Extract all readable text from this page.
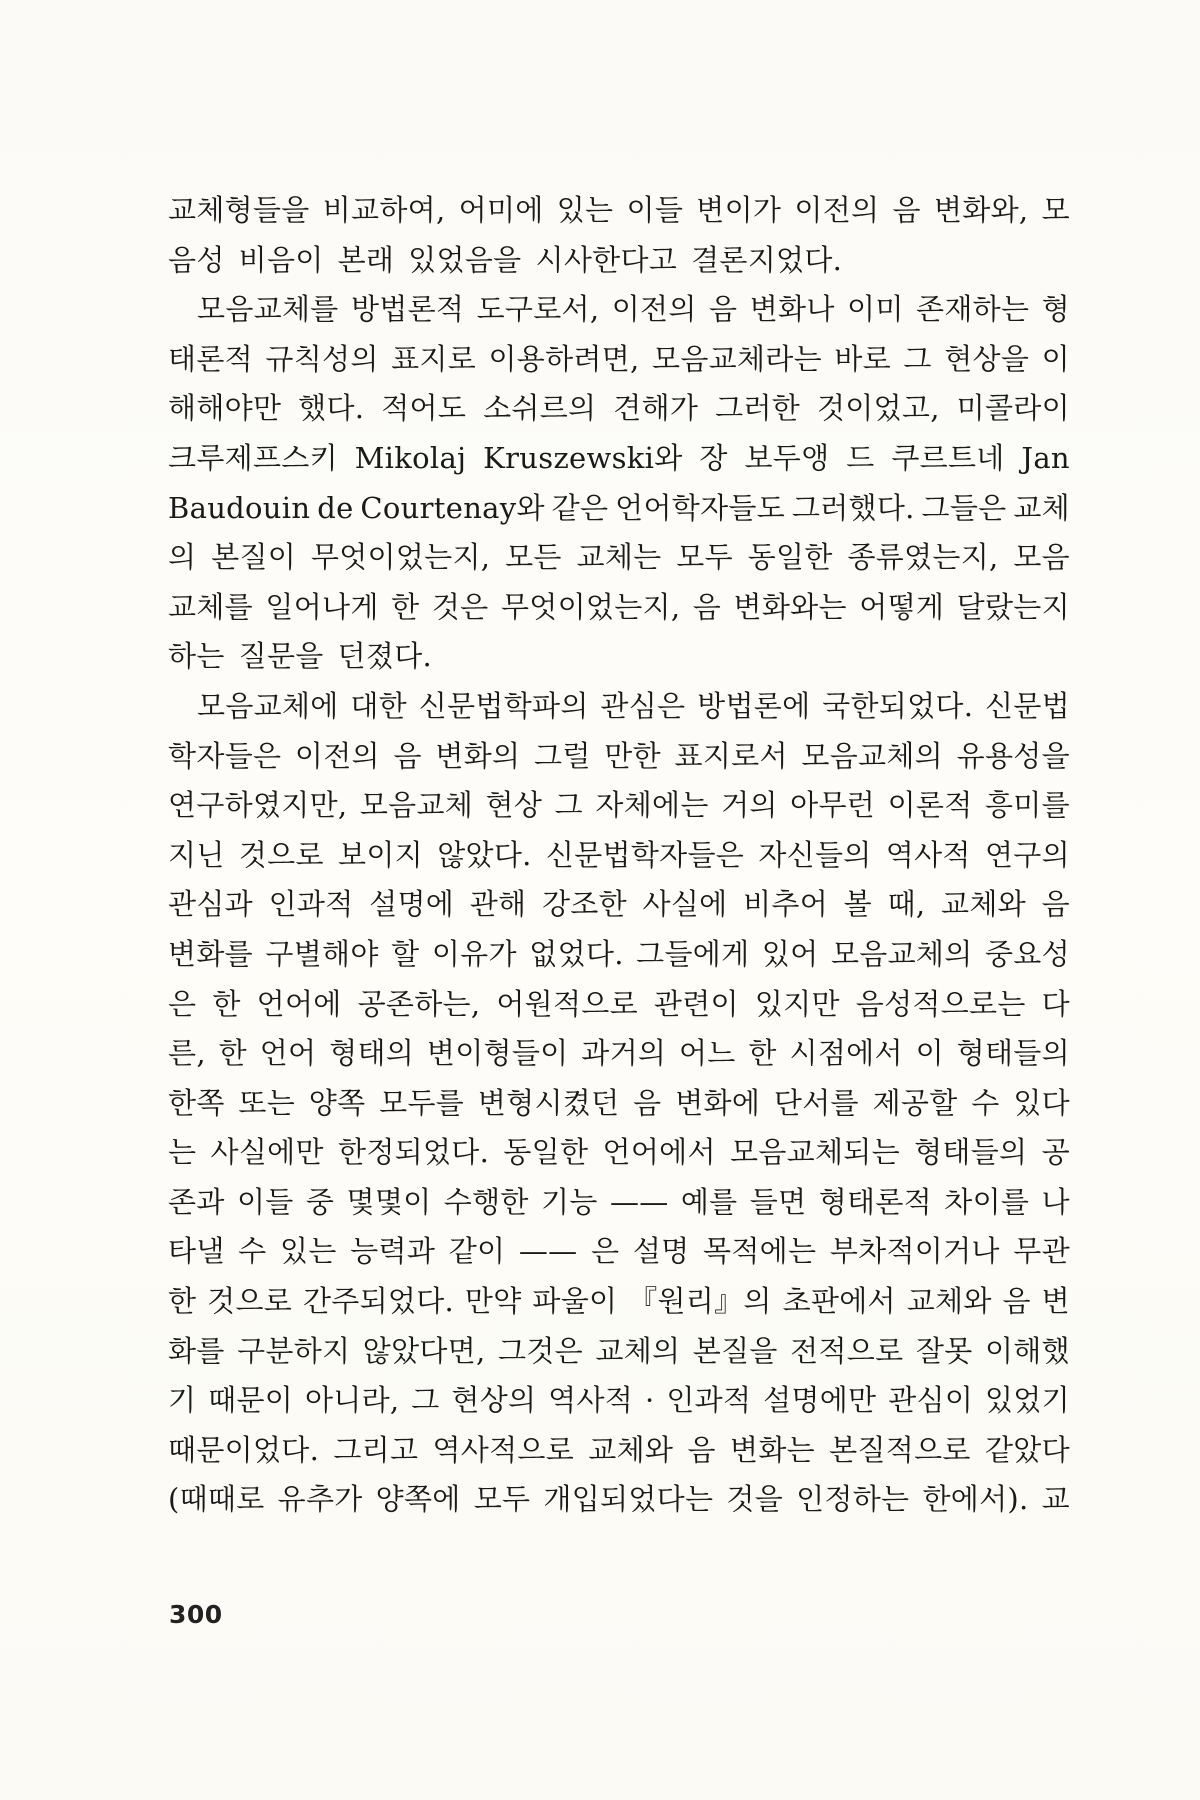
교체형들을 비교하여, 어미에 있는 이들 변이가 이전의 음 변화와, 모
음성 비음이 본래 있었음을 시사한다고 결론지었다.
모음교체를 방법론적 도구로서, 이전의 음 변화나 이미 존재하는 형
태론적 규칙성의 표지로 이용하려면, 모음교체라는 바로 그 현상을 이
해해야만 했다. 적어도 소쉬르의 견해가 그러한 것이었고, 미콜라이
크루제프스키 Mikolaj Kruszewski와 장 보두앵 드 쿠르트네 Jan
Baudouin de Courtenay와 같은 언어학자들도 그러했다. 그들은 교체
의 본질이 무엇이었는지, 모든 교체는 모두 동일한 종류였는지, 모음
교체를 일어나게 한 것은 무엇이었는지, 음 변화와는 어떻게 달랐는지
하는 질문을 던졌다.
모음교체에 대한 신문법학파의 관심은 방법론에 국한되었다. 신문법
학자들은 이전의 음 변화의 그럴 만한 표지로서 모음교체의 유용성을
연구하였지만, 모음교체 현상 그 자체에는 거의 아무런 이론적 흥미를
지닌 것으로 보이지 않았다. 신문법학자들은 자신들의 역사적 연구의
관심과 인과적 설명에 관해 강조한 사실에 비추어 볼 때, 교체와 음
변화를 구별해야 할 이유가 없었다. 그들에게 있어 모음교체의 중요성
은 한 언어에 공존하는, 어원적으로 관련이 있지만 음성적으로는 다
른, 한 언어 형태의 변이형들이 과거의 어느 한 시점에서 이 형태들의
한쪽 또는 양쪽 모두를 변형시켰던 음 변화에 단서를 제공할 수 있다
는 사실에만 한정되었다. 동일한 언어에서 모음교체되는 형태들의 공
존과 이들 중 몇몇이 수행한 기능 —— 예를 들면 형태론적 차이를 나
타낼 수 있는 능력과 같이 —— 은 설명 목적에는 부차적이거나 무관
한 것으로 간주되었다. 만약 파울이 『원리』의 초판에서 교체와 음 변
화를 구분하지 않았다면, 그것은 교체의 본질을 전적으로 잘못 이해했
기 때문이 아니라, 그 현상의 역사적 · 인과적 설명에만 관심이 있었기
때문이었다. 그리고 역사적으로 교체와 음 변화는 본질적으로 같았다
(때때로 유추가 양쪽에 모두 개입되었다는 것을 인정하는 한에서). 교
300
